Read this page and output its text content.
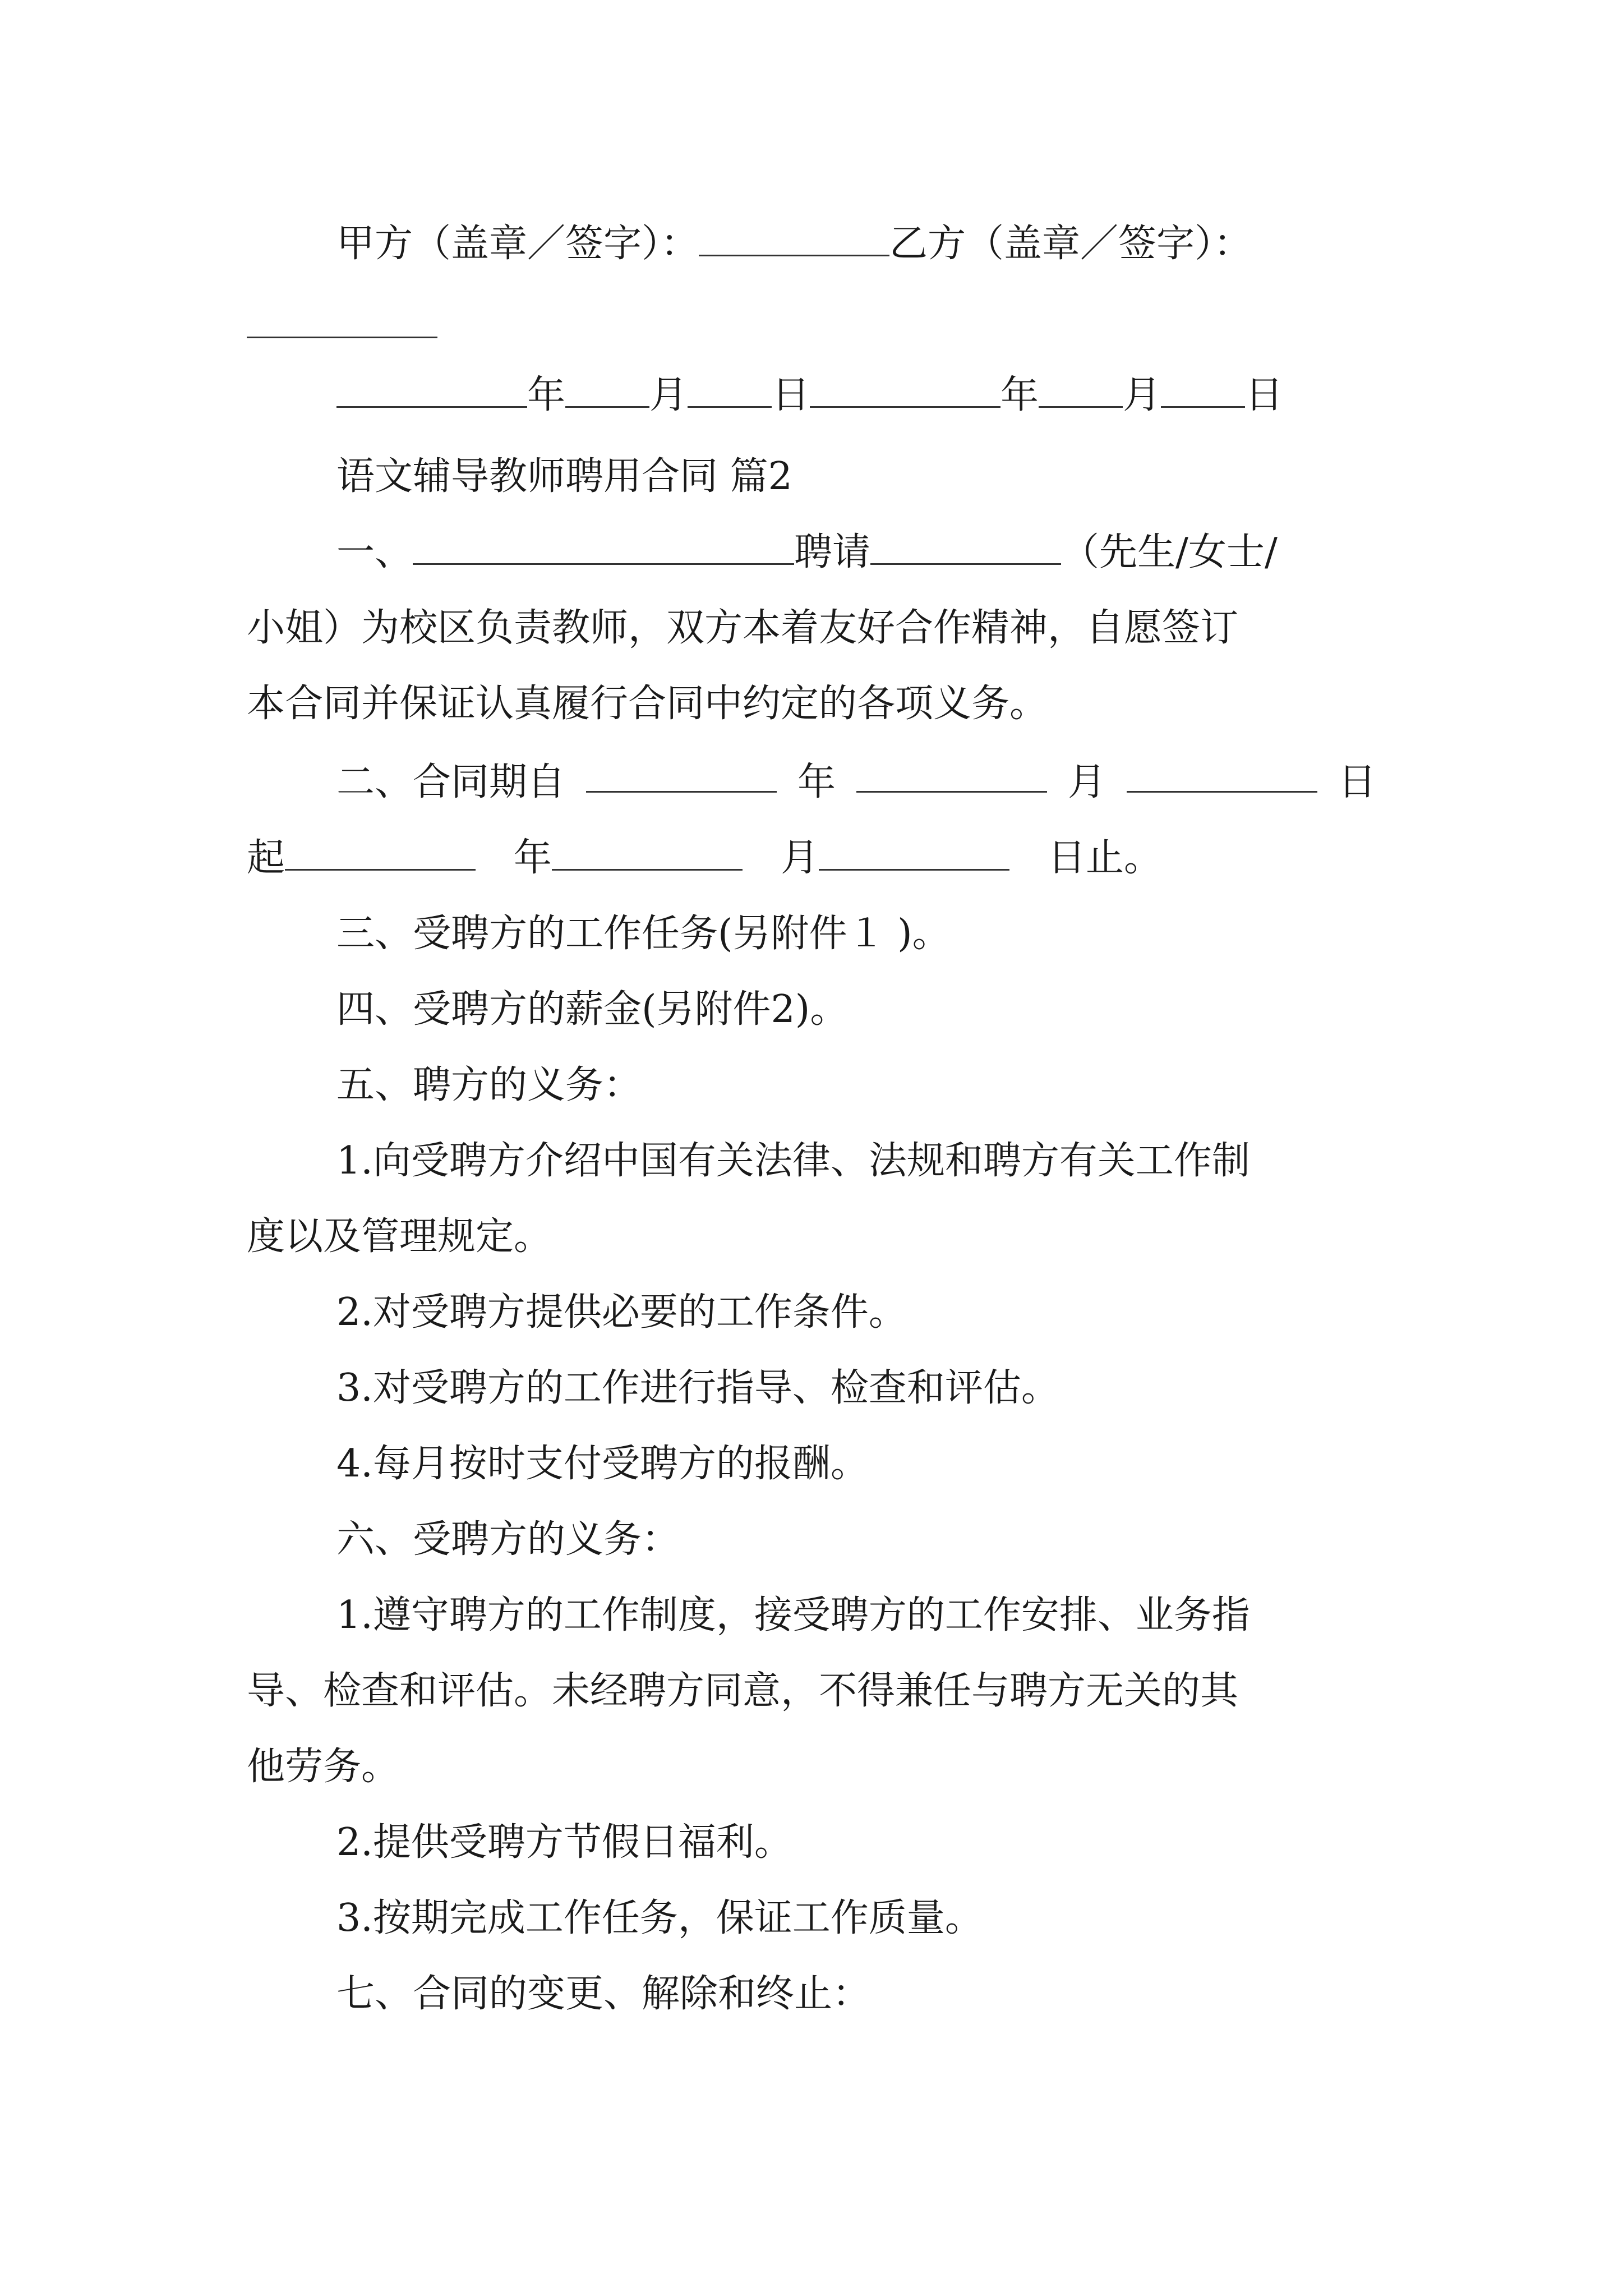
甲方（盖章／签字）：	乙方（盖章／签字）：
年 月 日	年 月 日
语文辅导教师聘用合同 篇2
一、	聘请	（先生/女士/
小姐）为校区负责教师，双方本着友好合作精神，自愿签订
本合同并保证认真履行合同中约定的各项义务。
二、合同期自	年	月	日
起 	年 	月 	日止。
三、受聘方的工作任务(另附件１ )。
四、受聘方的薪金(另附件2)。
五、聘方的义务：
1.向受聘方介绍中国有关法律、法规和聘方有关工作制
度以及管理规定。
2.对受聘方提供必要的工作条件。
3.对受聘方的工作进行指导、检查和评估。
4.每月按时支付受聘方的报酬。
六、受聘方的义务：
1.遵守聘方的工作制度，接受聘方的工作安排、业务指
导、检查和评估。未经聘方同意，不得兼任与聘方无关的其
他劳务。
2.提供受聘方节假日福利。
3.按期完成工作任务，保证工作质量。
七、合同的变更、解除和终止：
